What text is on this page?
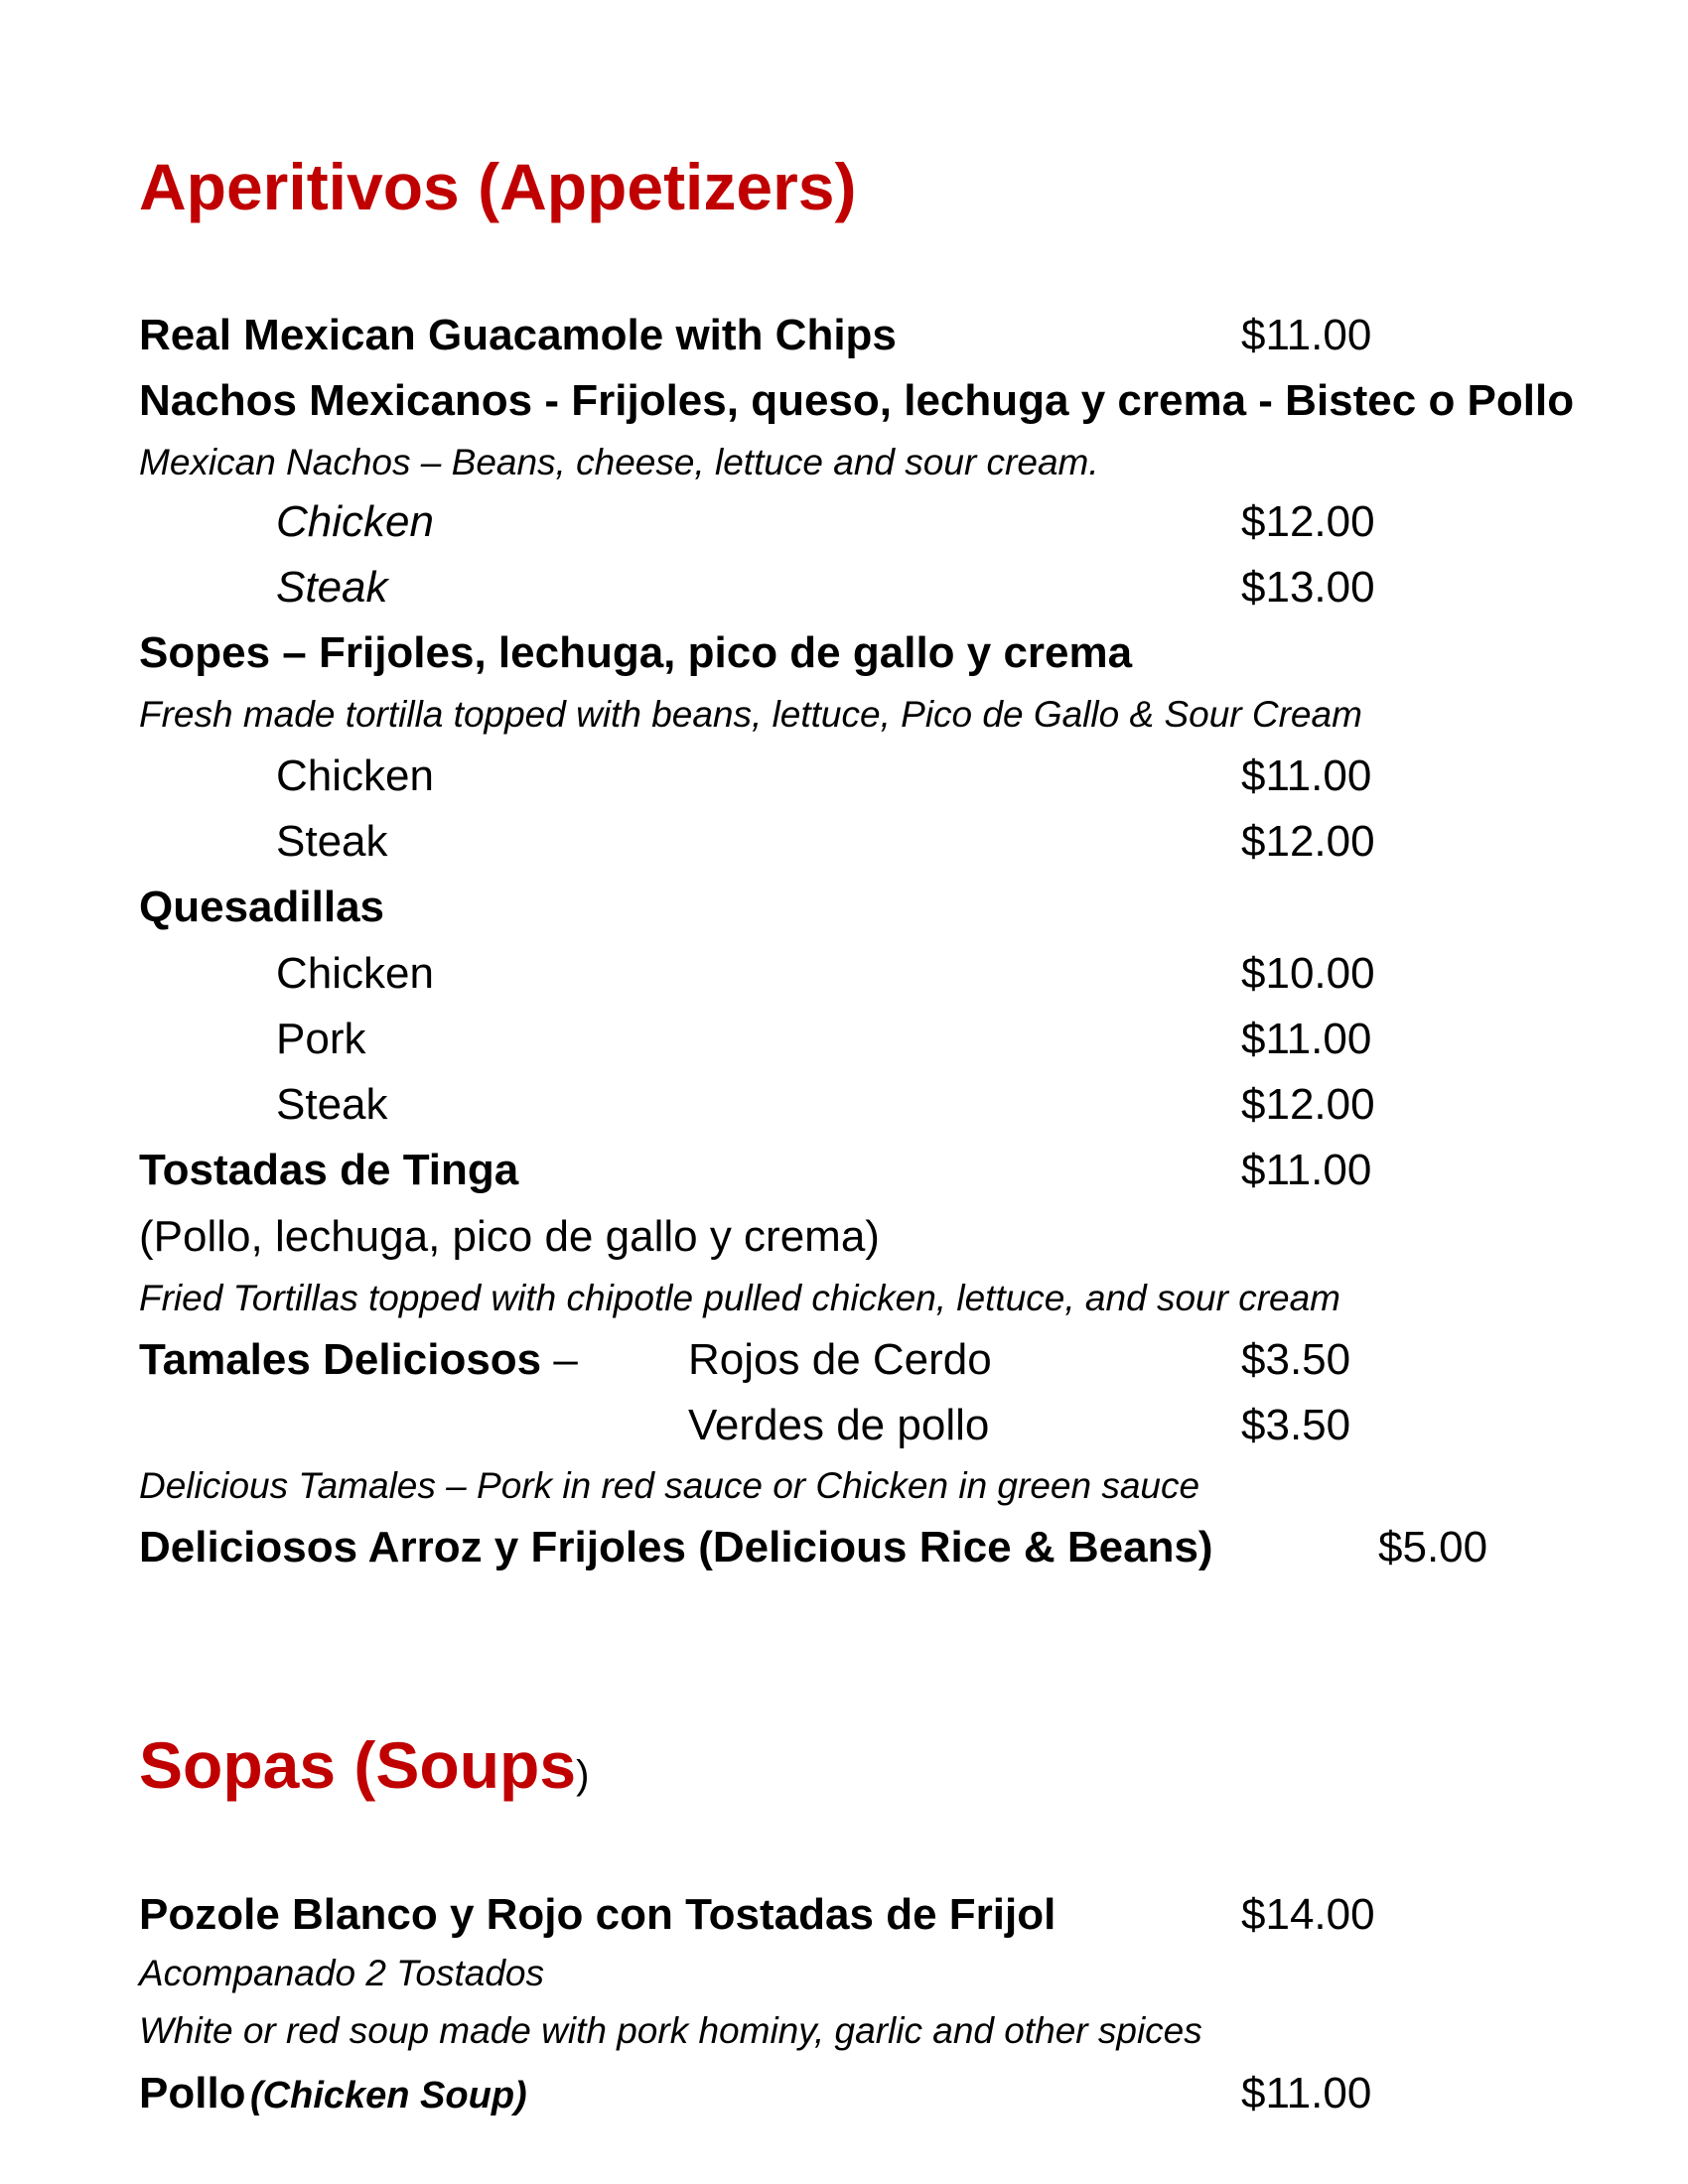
Aperitivos (Appetizers)
Real Mexican Guacamole with Chips	$11.00
Nachos Mexicanos - Frijoles, queso, lechuga y crema - Bistec o Pollo
Mexican Nachos – Beans, cheese, lettuce and sour cream.
Chicken	$12.00
Steak	$13.00
Sopes – Frijoles, lechuga, pico de gallo y crema
Fresh made tortilla topped with beans, lettuce, Pico de Gallo & Sour Cream
Chicken	$11.00
Steak	$12.00
Quesadillas
Chicken	$10.00
Pork	$11.00
Steak	$12.00
Tostadas de Tinga	$11.00
(Pollo, lechuga, pico de gallo y crema)
Fried Tortillas topped with chipotle pulled chicken, lettuce, and sour cream
Tamales Deliciosos –	Rojos de Cerdo	$3.50
Verdes de pollo	$3.50
Delicious Tamales – Pork in red sauce or Chicken in green sauce
Deliciosos Arroz y Frijoles (Delicious Rice & Beans)	$5.00
Sopas (Soups)
Pozole Blanco y Rojo con Tostadas de Frijol	$14.00
Acompanado 2 Tostados
White or red soup made with pork hominy, garlic and other spices
Pollo (Chicken Soup)	$11.00
